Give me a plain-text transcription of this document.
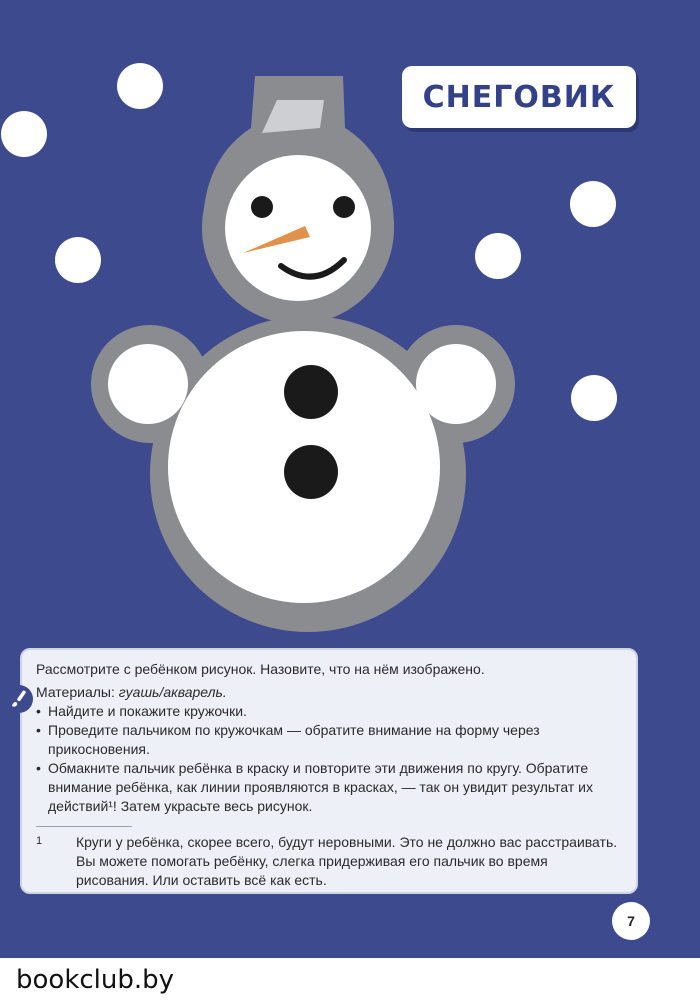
СНЕГОВИК

Рассмотрите с ребёнком рисунок. Назовите, что на нём изображено.

Материалы: гуашь/акварель.

• Найдите и покажите кружочки.
• Проведите пальчиком по кружочкам — обратите внимание на форму через прикосновения.
• Обмакните пальчик ребёнка в краску и повторите эти движения по кругу. Обратите внимание ребёнка, как линии проявляются в красках, — так он увидит результат их действий¹! Затем украсьте весь рисунок.
1	Круги у ребёнка, скорее всего, будут неровными. Это не должно вас расстраивать. Вы можете помогать ребёнку, слегка придерживая его пальчик во время рисования. Или оставить всё как есть.
7
bookclub.by
